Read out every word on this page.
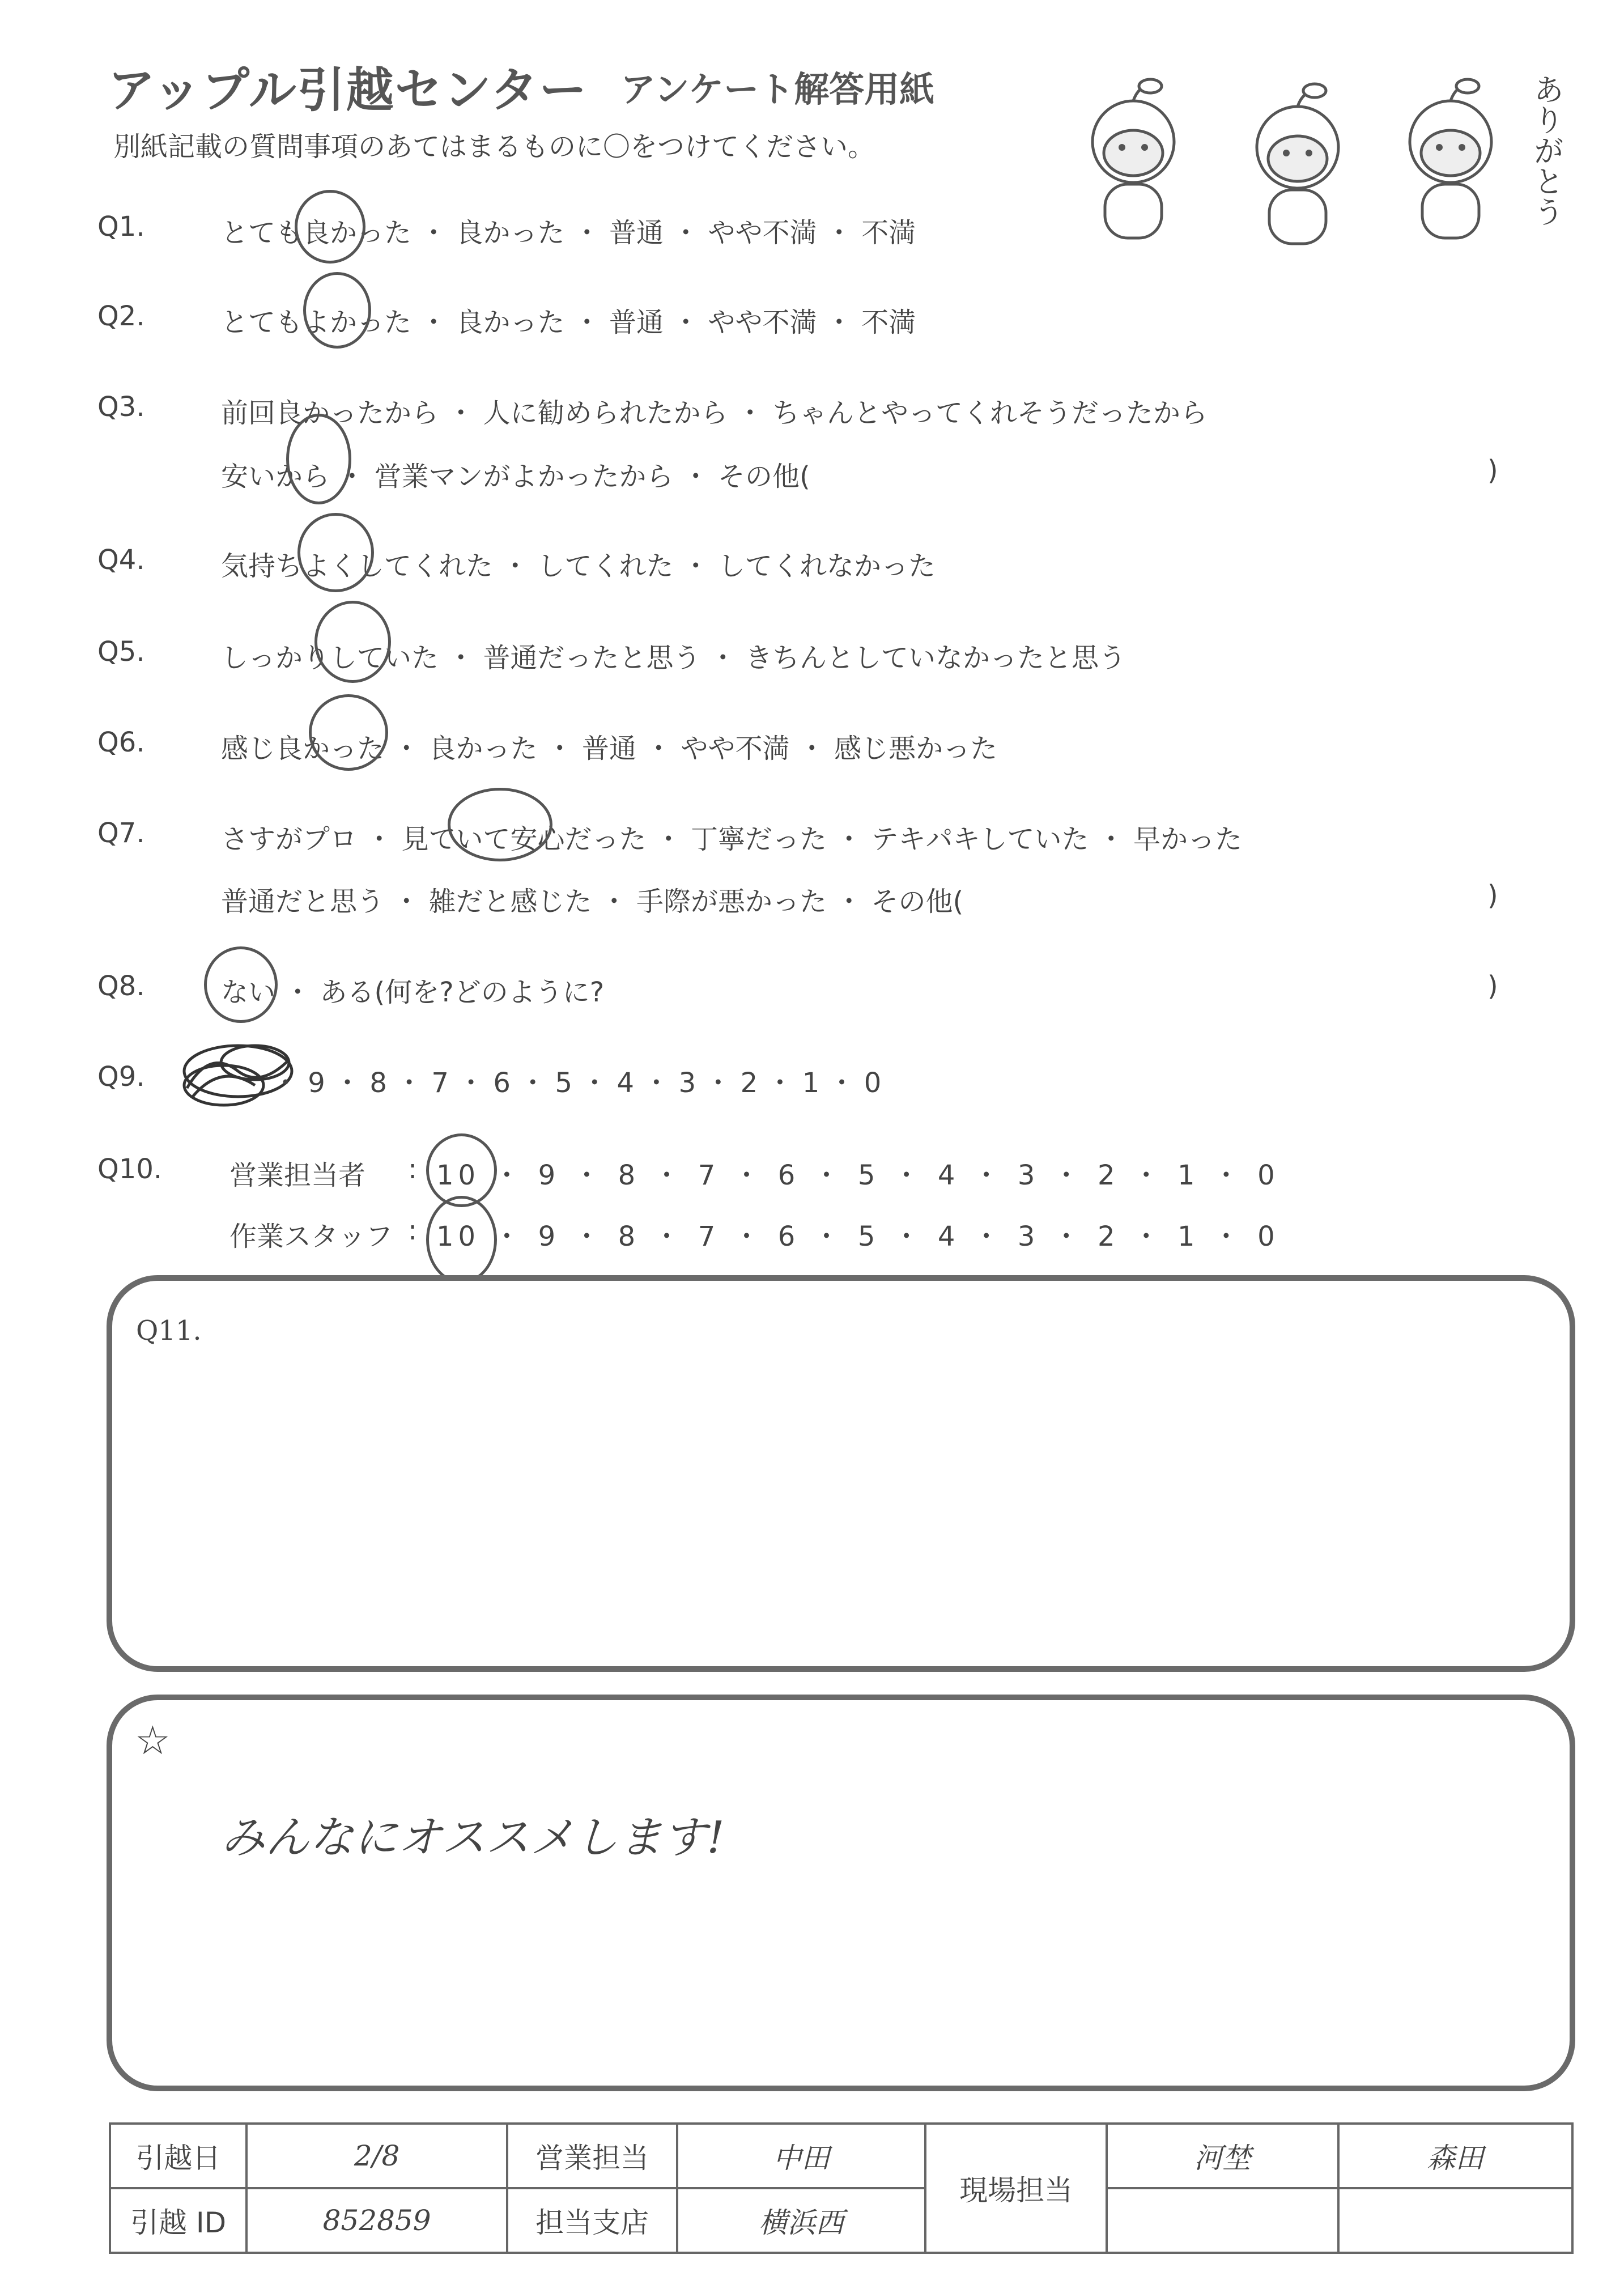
アップル引越センター アンケート解答用紙
別紙記載の質問事項のあてはまるものに〇をつけてください。	ありがとう
Q1.	とても良かった ・ 良かった ・ 普通 ・ やや不満 ・ 不満
Q2.	とてもよかった ・ 良かった ・ 普通 ・ やや不満 ・ 不満
Q3.	前回良かったから ・ 人に勧められたから ・ ちゃんとやってくれそうだったから
安いから ・ 営業マンがよかったから ・ その他(	)
Q4.	気持ちよくしてくれた ・ してくれた ・ してくれなかった
Q5.	しっかりしていた ・ 普通だったと思う ・ きちんとしていなかったと思う
Q6.	感じ良かった ・ 良かった ・ 普通 ・ やや不満 ・ 感じ悪かった
Q7.	さすがプロ ・ 見ていて安心だった ・ 丁寧だった ・ テキパキしていた ・ 早かった
普通だと思う ・ 雑だと感じた ・ 手際が悪かった ・ その他(	)
Q8.	ない ・ ある(何を?どのように?	)
Q9.	・ 9 ・ 8 ・ 7 ・ 6 ・ 5 ・ 4 ・ 3 ・ 2 ・ 1 ・ 0
Q10. 営業担当者 : 10 ・ 9 ・ 8 ・ 7 ・ 6 ・ 5 ・ 4 ・ 3 ・ 2 ・ 1 ・ 0
作業スタッフ : 10 ・ 9 ・ 8 ・ 7 ・ 6 ・ 5 ・ 4 ・ 3 ・ 2 ・ 1 ・ 0
Q11.
☆
みんなにオススメします!
引越日	2/8	営業担当	中田	現場担当	河埜	森田
引越 ID	852859	担当支店	横浜西			
